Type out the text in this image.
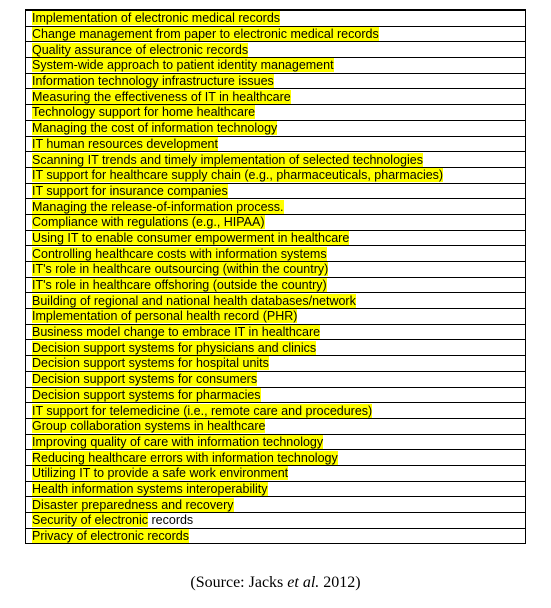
Implementation of electronic medical records
Change management from paper to electronic medical records
Quality assurance of electronic records
System-wide approach to patient identity management
Information technology infrastructure issues
Measuring the effectiveness of IT in healthcare
Technology support for home healthcare
Managing the cost of information technology
IT human resources development
Scanning IT trends and timely implementation of selected technologies
IT support for healthcare supply chain (e.g., pharmaceuticals, pharmacies)
IT support for insurance companies
Managing the release-of-information process.
Compliance with regulations (e.g., HIPAA)
Using IT to enable consumer empowerment in healthcare
Controlling healthcare costs with information systems
IT's role in healthcare outsourcing (within the country)
IT's role in healthcare offshoring (outside the country)
Building of regional and national health databases/network
Implementation of personal health record (PHR)
Business model change to embrace IT in healthcare
Decision support systems for physicians and clinics
Decision support systems for hospital units
Decision support systems for consumers
Decision support systems for pharmacies
IT support for telemedicine (i.e., remote care and procedures)
Group collaboration systems in healthcare
Improving quality of care with information technology
Reducing healthcare errors with information technology
Utilizing IT to provide a safe work environment
Health information systems interoperability
Disaster preparedness and recovery
Security of electronic records
Privacy of electronic records
(Source: Jacks et al. 2012)
